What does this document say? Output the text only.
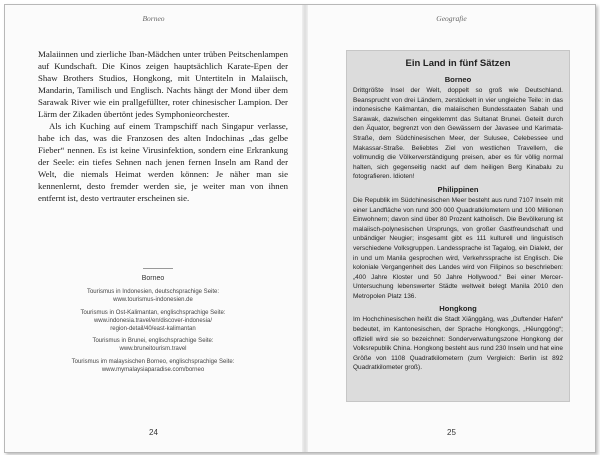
Borneo

Malaiinnen und zierliche Iban-Mädchen unter trüben Peitschenlampen auf Kundschaft. Die Kinos zeigen hauptsächlich Karate-Epen der Shaw Brothers Studios, Hongkong, mit Untertiteln in Malaiisch, Mandarin, Tamilisch und Englisch. Nachts hängt der Mond über dem Sarawak River wie ein prallgefüllter, roter chinesischer Lampion. Der Lärm der Zikaden übertönt jedes Symphonieorchester.

Als ich Kuching auf einem Trampschiff nach Singapur verlasse, habe ich das, was die Franzosen des alten Indochinas „das gelbe Fieber“ nennen. Es ist keine Virusinfektion, sondern eine Erkrankung der Seele: ein tiefes Sehnen nach jenen fernen Inseln am Rand der Welt, die niemals Heimat werden können: Je näher man sie kennenlernt, desto fremder werden sie, je weiter man von ihnen entfernt ist, desto vertrauter erscheinen sie.

Borneo
Tourismus in Indonesien, deutschsprachige Seite:
www.tourismus-indonesien.de
Tourismus in Ost-Kalimantan, englischsprachige Seite:
www.indonesia.travel/en/discover-indonesia/
region-detail/40/east-kalimantan
Tourismus in Brunei, englischsprachige Seite:
www.bruneitourism.travel
Tourismus im malaysischen Borneo, englischsprachige Seite:
www.mymalaysiaparadise.com/borneo
24
Geografie
Ein Land in fünf Sätzen
Borneo

Drittgrößte Insel der Welt, doppelt so groß wie Deutschland. Beansprucht von drei Ländern, zerstückelt in vier ungleiche Teile: in das indonesische Kalimantan, die malaiischen Bundesstaaten Sabah und Sarawak, dazwischen eingeklemmt das Sultanat Brunei. Geteilt durch den Äquator, begrenzt von den Gewässern der Javasee und Karimata-Straße, dem Südchinesischen Meer, der Sulusee, Celebessee und Makassar-Straße. Beliebtes Ziel von westlichen Travellern, die vollmundig die Völkerverständigung preisen, aber es für völlig normal halten, sich gegenseitig nackt auf dem heiligen Berg Kinabalu zu fotografieren. Idioten!

Philippinen

Die Republik im Südchinesischen Meer besteht aus rund 7107 Inseln mit einer Landfläche von rund 300 000 Quadratkilometern und 100 Millionen Einwohnern; davon sind über 80 Prozent katholisch. Die Bevölkerung ist malaiisch-polynesischen Ursprungs, von großer Gastfreundschaft und unbändiger Neugier; insgesamt gibt es 111 kulturell und linguistisch verschiedene Volksgruppen. Landessprache ist Tagalog, ein Dialekt, der in und um Manila gesprochen wird, Verkehrssprache ist Englisch. Die koloniale Vergangenheit des Landes wird von Filipinos so beschrieben: „400 Jahre Kloster und 50 Jahre Hollywood.“ Bei einer Mercer-Untersuchung lebenswerter Städte weltweit belegt Manila 2010 den Metropolen Platz 136.

Hongkong

Im Hochchinesischen heißt die Stadt Xiānggǎng, was „Duftender Hafen“ bedeutet, im Kantonesischen, der Sprache Hongkongs, „Hēunggóng“; offiziell wird sie so bezeichnet: Sonderverwaltungszone Hongkong der Volksrepublik China. Hongkong besteht aus rund 230 Inseln und hat eine Größe von 1108 Quadratkilometern (zum Vergleich: Berlin ist 892 Quadratkilometer groß).

25
